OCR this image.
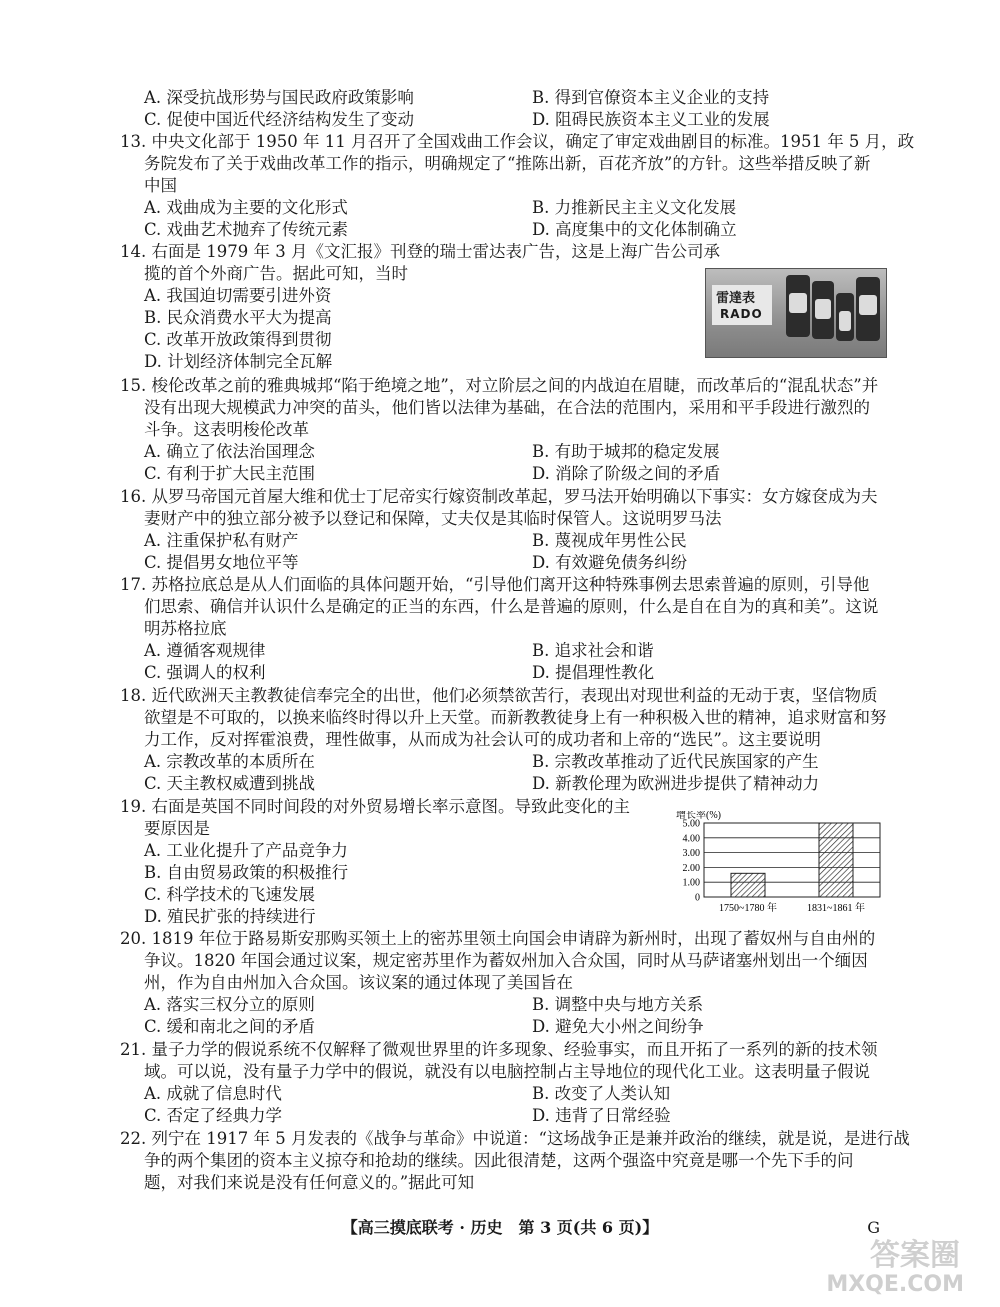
A. 深受抗战形势与国民政府政策影响	B. 得到官僚资本主义企业的支持
C. 促使中国近代经济结构发生了变动	D. 阻碍民族资本主义工业的发展
13. 中央文化部于 1950 年 11 月召开了全国戏曲工作会议，确定了审定戏曲剧目的标准。1951 年 5 月，政
务院发布了关于戏曲改革工作的指示，明确规定了“推陈出新，百花齐放”的方针。这些举措反映了新
中国
A. 戏曲成为主要的文化形式	B. 力推新民主主义文化发展
C. 戏曲艺术抛弃了传统元素	D. 高度集中的文化体制确立
14. 右面是 1979 年 3 月《文汇报》刊登的瑞士雷达表广告，这是上海广告公司承
揽的首个外商广告。据此可知，当时
A. 我国迫切需要引进外资
B. 民众消费水平大为提高
C. 改革开放政策得到贯彻
D. 计划经济体制完全瓦解
雷達表
RADO
15. 梭伦改革之前的雅典城邦“陷于绝境之地”，对立阶层之间的内战迫在眉睫，而改革后的“混乱状态”并
没有出现大规模武力冲突的苗头，他们皆以法律为基础，在合法的范围内，采用和平手段进行激烈的
斗争。这表明梭伦改革
A. 确立了依法治国理念	B. 有助于城邦的稳定发展
C. 有利于扩大民主范围	D. 消除了阶级之间的矛盾
16. 从罗马帝国元首屋大维和优士丁尼帝实行嫁资制改革起，罗马法开始明确以下事实：女方嫁奁成为夫
妻财产中的独立部分被予以登记和保障，丈夫仅是其临时保管人。这说明罗马法
A. 注重保护私有财产	B. 蔑视成年男性公民
C. 提倡男女地位平等	D. 有效避免债务纠纷
17. 苏格拉底总是从人们面临的具体问题开始，“引导他们离开这种特殊事例去思索普遍的原则，引导他
们思索、确信并认识什么是确定的正当的东西，什么是普遍的原则，什么是自在自为的真和美”。这说
明苏格拉底
A. 遵循客观规律	B. 追求社会和谐
C. 强调人的权利	D. 提倡理性教化
18. 近代欧洲天主教教徒信奉完全的出世，他们必须禁欲苦行，表现出对现世利益的无动于衷，坚信物质
欲望是不可取的，以换来临终时得以升上天堂。而新教教徒身上有一种积极入世的精神，追求财富和努
力工作，反对挥霍浪费，理性做事，从而成为社会认可的成功者和上帝的“选民”。这主要说明
A. 宗教改革的本质所在	B. 宗教改革推动了近代民族国家的产生
C. 天主教权威遭到挑战	D. 新教伦理为欧洲进步提供了精神动力
19. 右面是英国不同时间段的对外贸易增长率示意图。导致此变化的主
要原因是
A. 工业化提升了产品竞争力
B. 自由贸易政策的积极推行
C. 科学技术的飞速发展
D. 殖民扩张的持续进行
增长率(%)
0
1.00
2.00
3.00
4.00
5.00
1750~1780 年	1831~1861 年
20. 1819 年位于路易斯安那购买领土上的密苏里领土向国会申请辟为新州时，出现了蓄奴州与自由州的
争议。1820 年国会通过议案，规定密苏里作为蓄奴州加入合众国，同时从马萨诸塞州划出一个缅因
州，作为自由州加入合众国。该议案的通过体现了美国旨在
A. 落实三权分立的原则	B. 调整中央与地方关系
C. 缓和南北之间的矛盾	D. 避免大小州之间纷争
21. 量子力学的假说系统不仅解释了微观世界里的许多现象、经验事实，而且开拓了一系列的新的技术领
域。可以说，没有量子力学中的假说，就没有以电脑控制占主导地位的现代化工业。这表明量子假说
A. 成就了信息时代	B. 改变了人类认知
C. 否定了经典力学	D. 违背了日常经验
22. 列宁在 1917 年 5 月发表的《战争与革命》中说道：“这场战争正是兼并政治的继续，就是说，是进行战
争的两个集团的资本主义掠夺和抢劫的继续。因此很清楚，这两个强盗中究竟是哪一个先下手的问
题，对我们来说是没有任何意义的。”据此可知
【高三摸底联考 · 历史　第 3 页(共 6 页)】	G
答案圈
MXQE.COM
